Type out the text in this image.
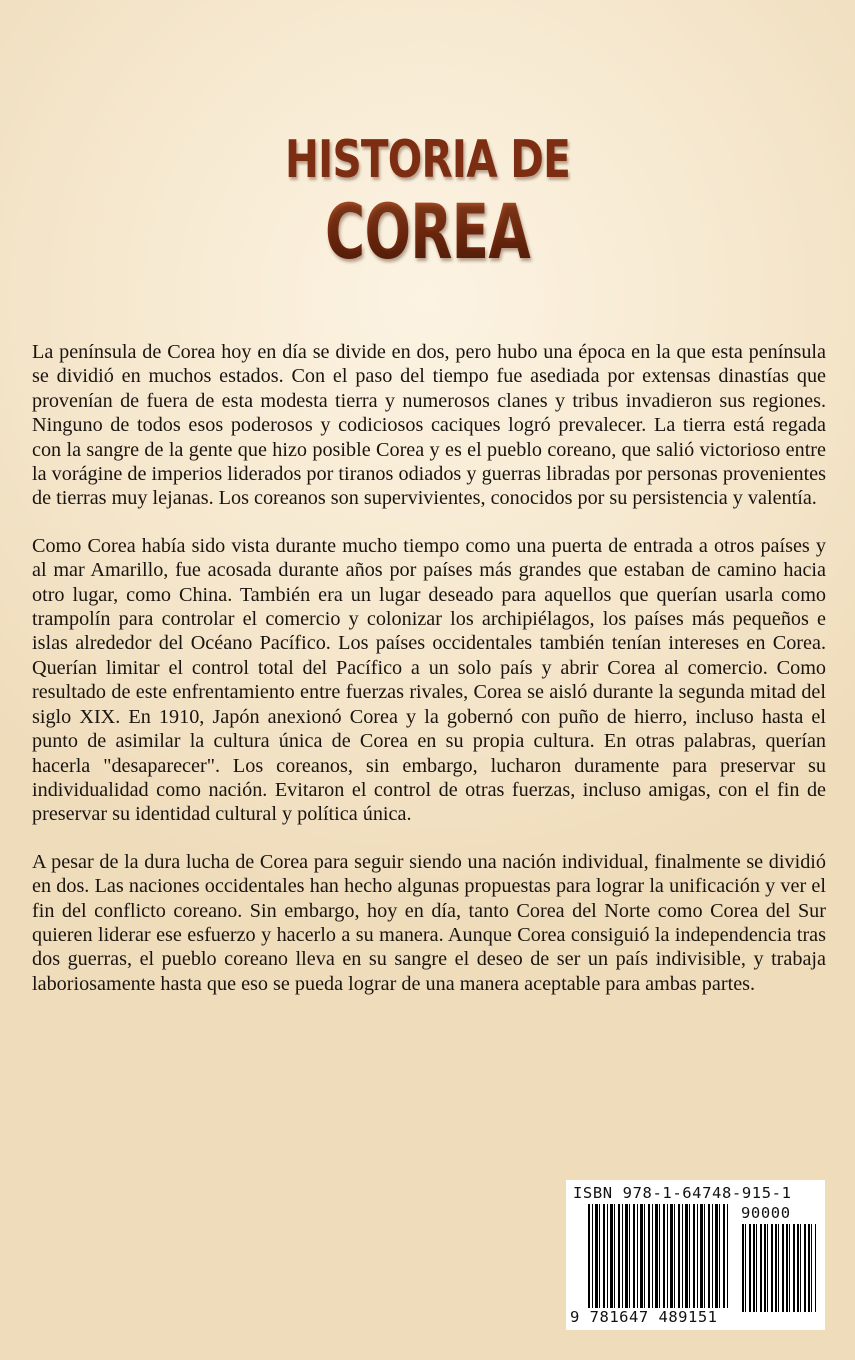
HISTORIA DE
COREA

La península de Corea hoy en día se divide en dos, pero hubo una época en la que esta península se dividió en muchos estados. Con el paso del tiempo fue asediada por extensas dinastías que provenían de fuera de esta modesta tierra y numerosos clanes y tribus invadieron sus regiones. Ninguno de todos esos poderosos y codiciosos caciques logró prevalecer. La tierra está regada con la sangre de la gente que hizo posible Corea y es el pueblo coreano, que salió victorioso entre la vorágine de imperios liderados por tiranos odiados y guerras libradas por personas provenientes de tierras muy lejanas. Los coreanos son supervivientes, conocidos por su persistencia y valentía.

Como Corea había sido vista durante mucho tiempo como una puerta de entrada a otros países y al mar Amarillo, fue acosada durante años por países más grandes que estaban de camino hacia otro lugar, como China. También era un lugar deseado para aquellos que querían usarla como trampolín para controlar el comercio y colonizar los archipiélagos, los países más pequeños e islas alrededor del Océano Pacífico. Los países occidentales también tenían intereses en Corea. Querían limitar el control total del Pacífico a un solo país y abrir Corea al comercio. Como resultado de este enfrentamiento entre fuerzas rivales, Corea se aisló durante la segunda mitad del siglo XIX. En 1910, Japón anexionó Corea y la gobernó con puño de hierro, incluso hasta el punto de asimilar la cultura única de Corea en su propia cultura. En otras palabras, querían hacerla "desaparecer". Los coreanos, sin embargo, lucharon duramente para preservar su individualidad como nación. Evitaron el control de otras fuerzas, incluso amigas, con el fin de preservar su identidad cultural y política única.

A pesar de la dura lucha de Corea para seguir siendo una nación individual, finalmente se dividió en dos. Las naciones occidentales han hecho algunas propuestas para lograr la unificación y ver el fin del conflicto coreano. Sin embargo, hoy en día, tanto Corea del Norte como Corea del Sur quieren liderar ese esfuerzo y hacerlo a su manera. Aunque Corea consiguió la independencia tras dos guerras, el pueblo coreano lleva en su sangre el deseo de ser un país indivisible, y trabaja laboriosamente hasta que eso se pueda lograr de una manera aceptable para ambas partes.

ISBN 978-1-64748-915-1
90000
9 781647 489151
